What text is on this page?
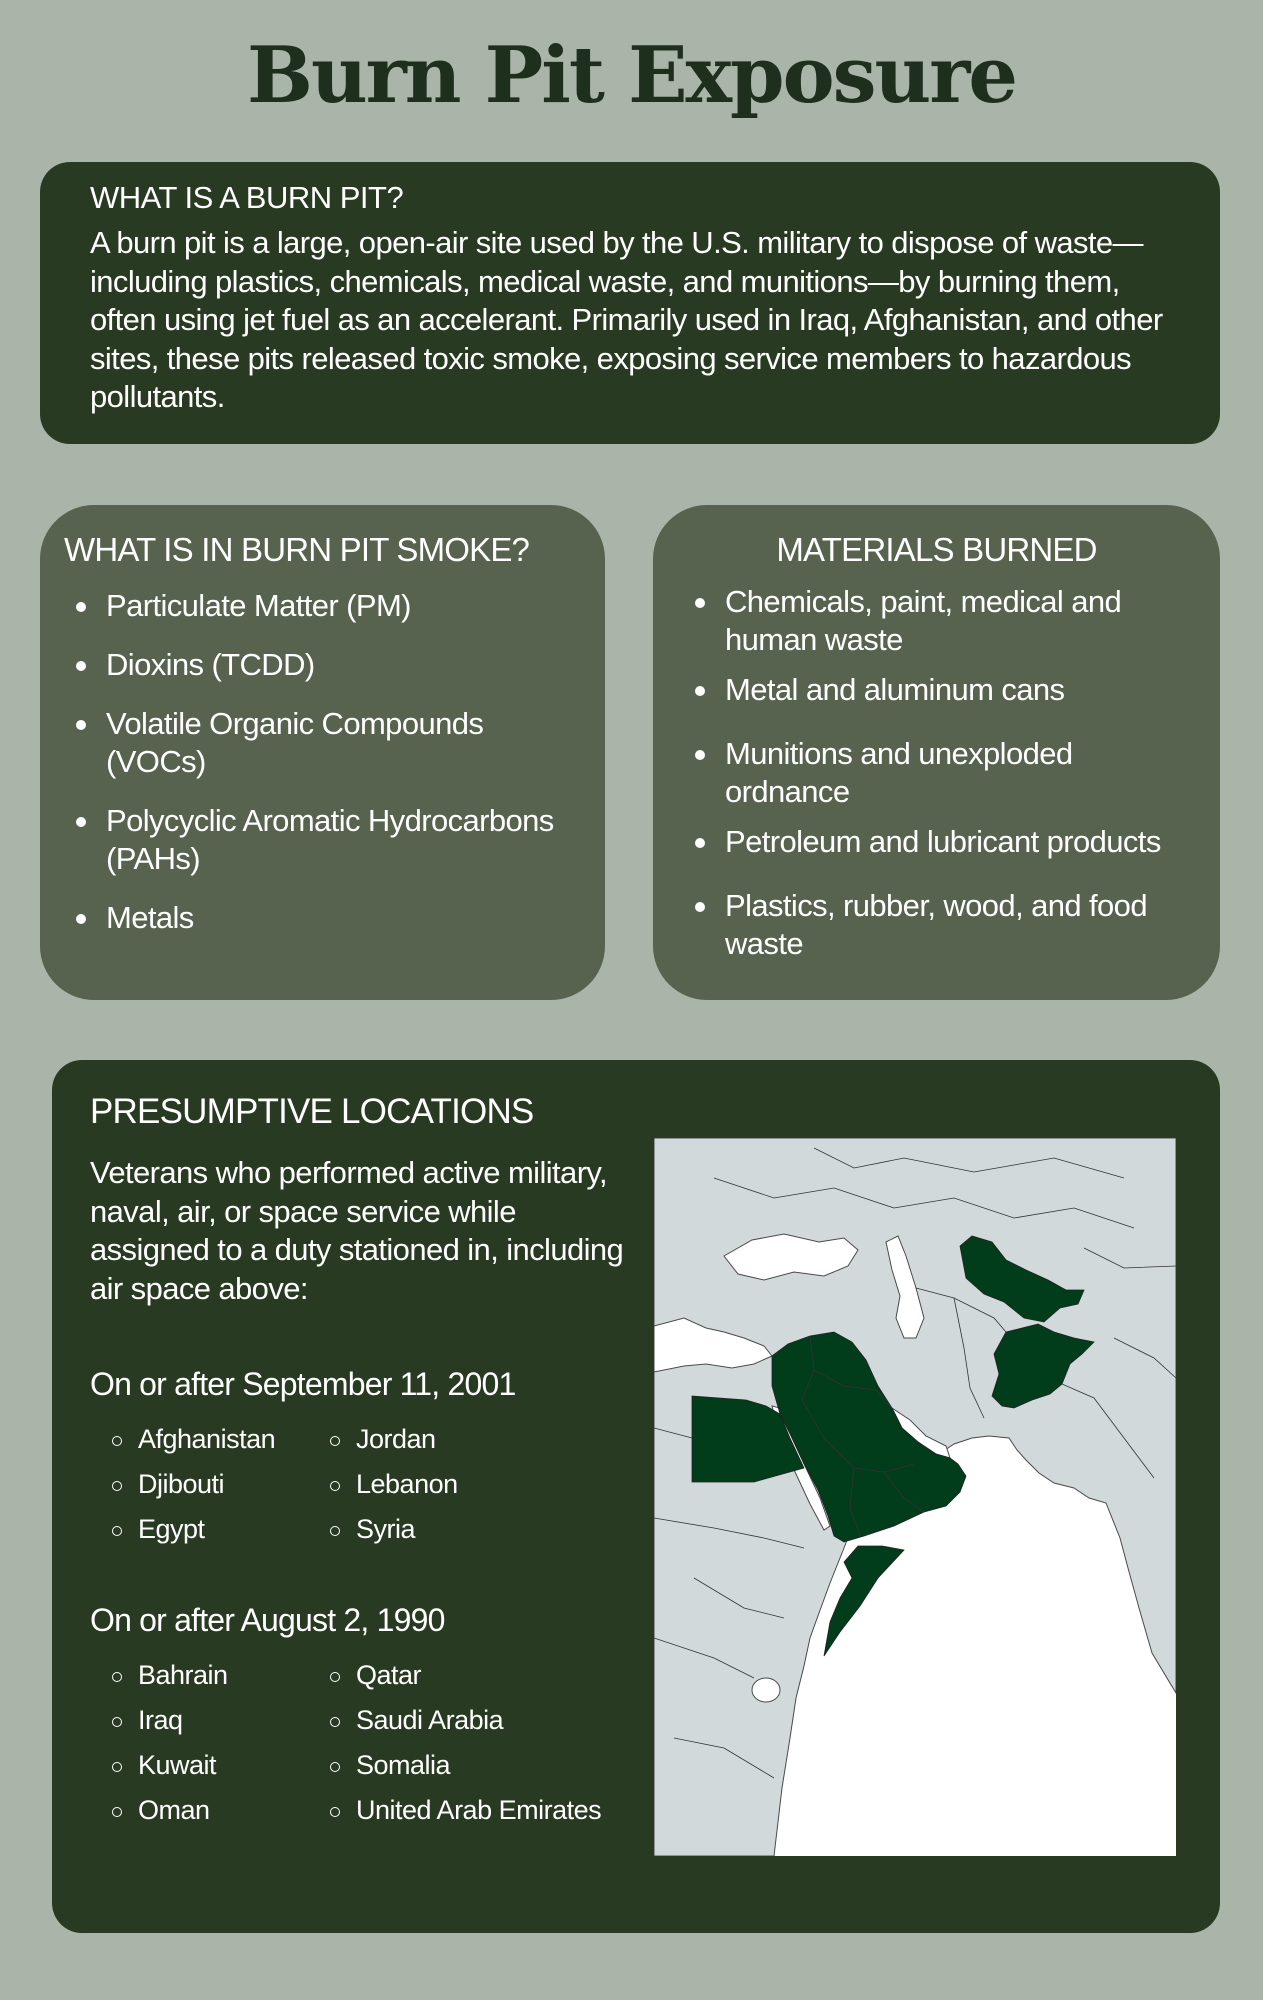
Burn Pit Exposure
WHAT IS A BURN PIT?

A burn pit is a large, open-air site used by the U.S. military to dispose of waste—including plastics, chemicals, medical waste, and munitions—by burning them, often using jet fuel as an accelerant. Primarily used in Iraq, Afghanistan, and other sites, these pits released toxic smoke, exposing service members to hazardous pollutants.

WHAT IS IN BURN PIT SMOKE?
Particulate Matter (PM)
Dioxins (TCDD)
Volatile Organic Compounds (VOCs)
Polycyclic Aromatic Hydrocarbons (PAHs)
Metals
MATERIALS BURNED
Chemicals, paint, medical and human waste
Metal and aluminum cans
Munitions and unexploded ordnance
Petroleum and lubricant products
Plastics, rubber, wood, and food waste
PRESUMPTIVE LOCATIONS

Veterans who performed active military, naval, air, or space service while assigned to a duty stationed in, including air space above:

On or after September 11, 2001
Afghanistan
Djibouti
Egypt
Jordan
Lebanon
Syria
On or after August 2, 1990
Bahrain
Iraq
Kuwait
Oman
Qatar
Saudi Arabia
Somalia
United Arab Emirates
